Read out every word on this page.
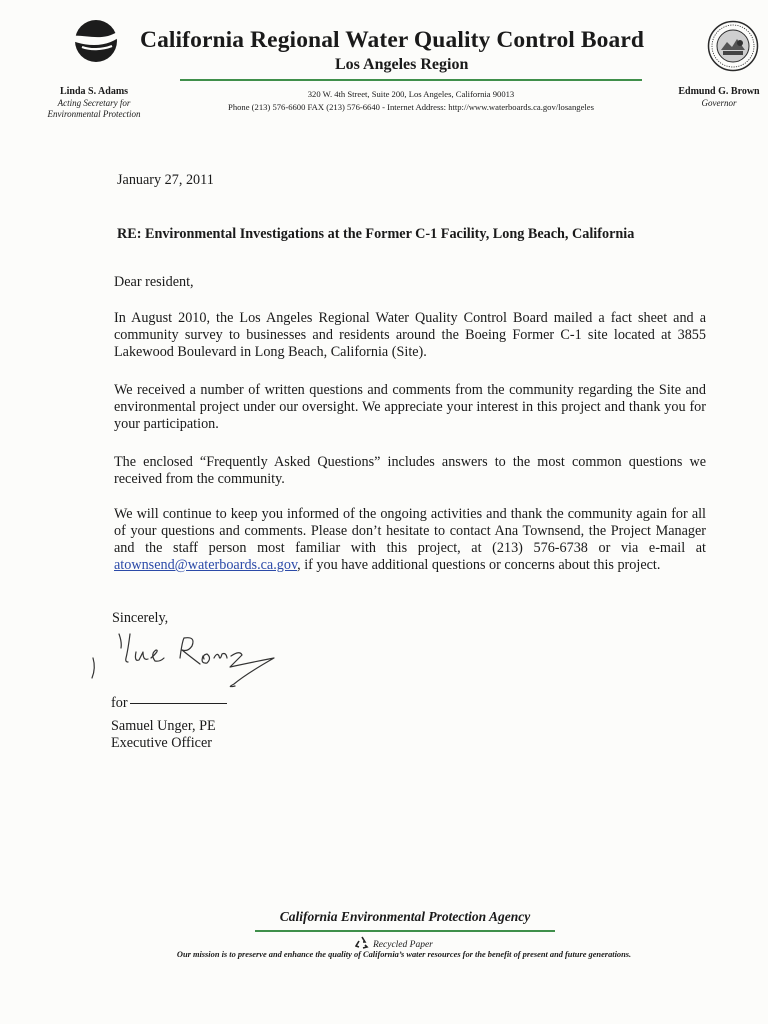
California Regional Water Quality Control Board
Los Angeles Region
Linda S. Adams
Acting Secretary for
Environmental Protection
320 W. 4th Street, Suite 200, Los Angeles, California 90013
Phone (213) 576-6600 FAX (213) 576-6640 - Internet Address: http://www.waterboards.ca.gov/losangeles
Edmund G. Brown
Governor
January 27, 2011
RE: Environmental Investigations at the Former C-1 Facility, Long Beach, California
Dear resident,
In August 2010, the Los Angeles Regional Water Quality Control Board mailed a fact sheet and a community survey to businesses and residents around the Boeing Former C-1 site located at 3855 Lakewood Boulevard in Long Beach, California (Site).
We received a number of written questions and comments from the community regarding the Site and environmental project under our oversight. We appreciate your interest in this project and thank you for your participation.
The enclosed “Frequently Asked Questions” includes answers to the most common questions we received from the community.
We will continue to keep you informed of the ongoing activities and thank the community again for all of your questions and comments. Please don’t hesitate to contact Ana Townsend, the Project Manager and the staff person most familiar with this project, at (213) 576-6738 or via e-mail at atownsend@waterboards.ca.gov, if you have additional questions or concerns about this project.
Sincerely,
for
Samuel Unger, PE
Executive Officer
California Environmental Protection Agency
Recycled Paper
Our mission is to preserve and enhance the quality of California’s water resources for the benefit of present and future generations.
